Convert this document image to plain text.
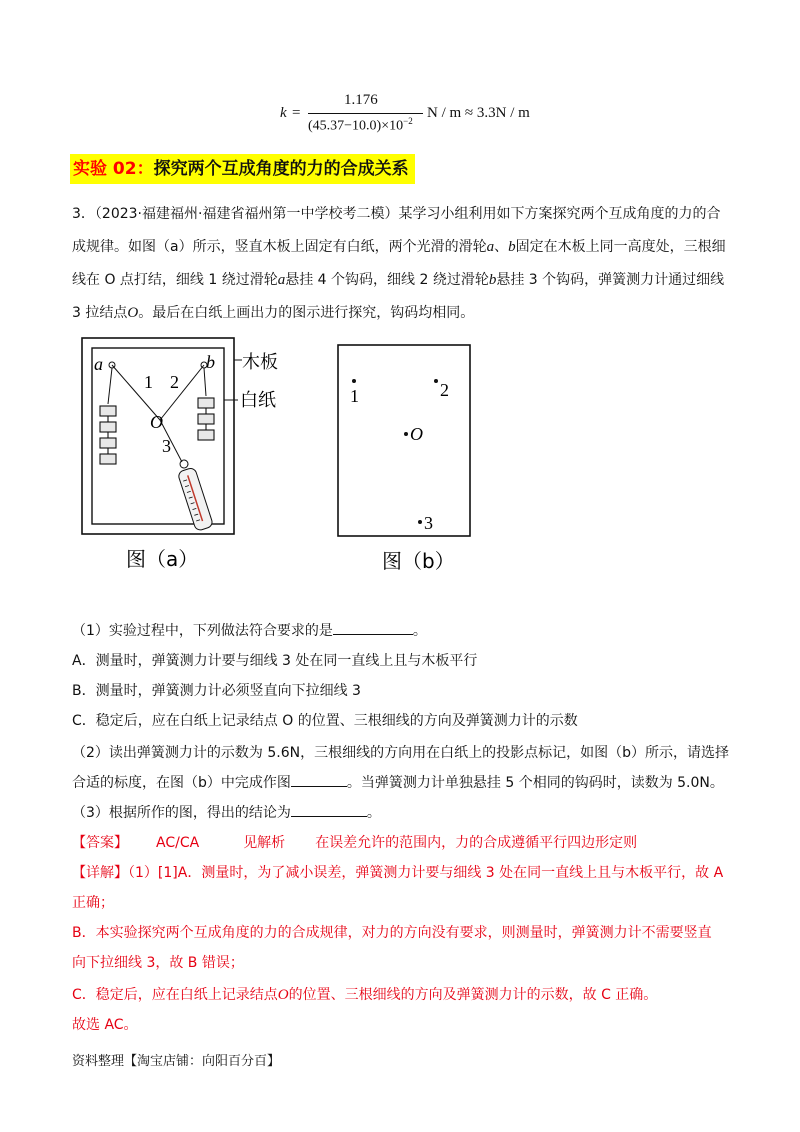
k =
1.176
$(45.37-10.0)\times 10^{-2}$ N / m ≈ 3.3N / m
实验 02：探究两个互成角度的力的合成关系
3．（2023·福建福州·福建省福州第一中学校考二模）某学习小组利用如下方案探究两个互成角度的力的合成规律。如图（a）所示，竖直木板上固定有白纸，两个光滑的滑轮a、b固定在木板上同一高度处，三根细线在 O 点打结，细线 1 绕过滑轮a悬挂 4 个钩码，细线 2 绕过滑轮b悬挂 3 个钩码，弹簧测力计通过细线 3 拉结点O。最后在白纸上画出力的图示进行探究，钩码均相同。
a	b
1 2
O
3
木板
白纸
图（a）
1	2
O
3
图（b）
（1）实验过程中，下列做法符合要求的是	。
A．测量时，弹簧测力计要与细线 3 处在同一直线上且与木板平行
B．测量时，弹簧测力计必须竖直向下拉细线 3
C．稳定后，应在白纸上记录结点 O 的位置、三根细线的方向及弹簧测力计的示数
（2）读出弹簧测力计的示数为 5.6N，三根细线的方向用在白纸上的投影点标记，如图（b）所示，请选择
合适的标度，在图（b）中完成作图	。当弹簧测力计单独悬挂 5 个相同的钩码时，读数为 5.0N。
（3）根据所作的图，得出的结论为	。
【答案】 AC/CA	见解析 在误差允许的范围内，力的合成遵循平行四边形定则
【详解】（1）[1]A．测量时，为了减小误差，弹簧测力计要与细线 3 处在同一直线上且与木板平行，故 A
正确；
B．本实验探究两个互成角度的力的合成规律，对力的方向没有要求，则测量时，弹簧测力计不需要竖直
向下拉细线 3，故 B 错误；
C．稳定后，应在白纸上记录结点O的位置、三根细线的方向及弹簧测力计的示数，故 C 正确。
故选 AC。
资料整理【淘宝店铺：向阳百分百】
